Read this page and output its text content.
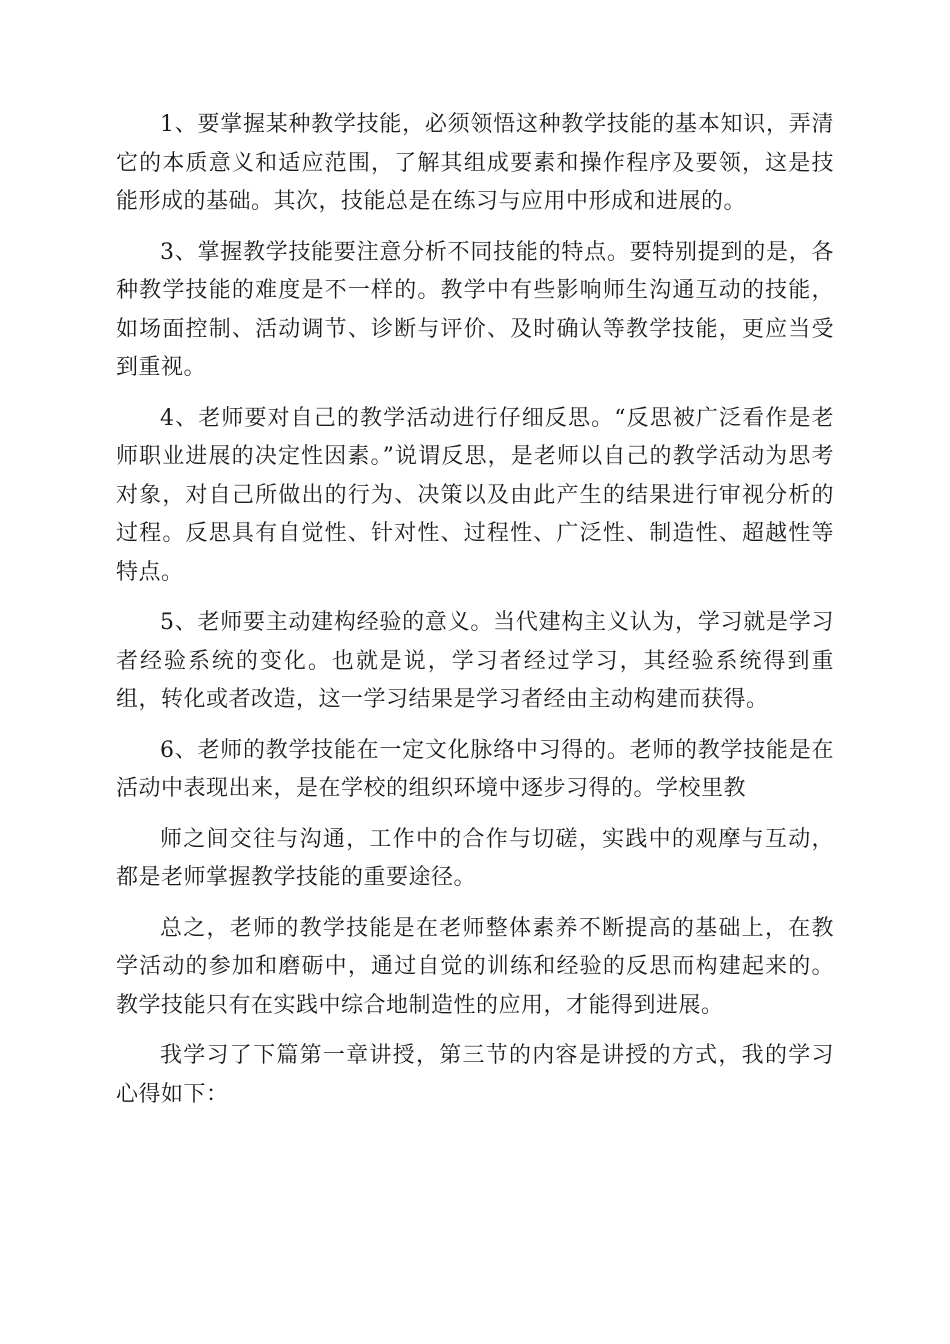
1、要掌握某种教学技能，必须领悟这种教学技能的基本知识，弄清它的本质意义和适应范围，了解其组成要素和操作程序及要领，这是技能形成的基础。其次，技能总是在练习与应用中形成和进展的。

3、掌握教学技能要注意分析不同技能的特点。要特别提到的是，各种教学技能的难度是不一样的。教学中有些影响师生沟通互动的技能，如场面控制、活动调节、诊断与评价、及时确认等教学技能，更应当受到重视。

4、老师要对自己的教学活动进行仔细反思。“反思被广泛看作是老师职业进展的决定性因素。”说谓反思，是老师以自己的教学活动为思考对象，对自己所做出的行为、决策以及由此产生的结果进行审视分析的过程。反思具有自觉性、针对性、过程性、广泛性、制造性、超越性等特点。

5、老师要主动建构经验的意义。当代建构主义认为，学习就是学习者经验系统的变化。也就是说，学习者经过学习，其经验系统得到重组，转化或者改造，这一学习结果是学习者经由主动构建而获得。

6、老师的教学技能在一定文化脉络中习得的。老师的教学技能是在活动中表现出来，是在学校的组织环境中逐步习得的。学校里教

师之间交往与沟通，工作中的合作与切磋，实践中的观摩与互动，都是老师掌握教学技能的重要途径。

总之，老师的教学技能是在老师整体素养不断提高的基础上，在教学活动的参加和磨砺中，通过自觉的训练和经验的反思而构建起来的。教学技能只有在实践中综合地制造性的应用，才能得到进展。

我学习了下篇第一章讲授，第三节的内容是讲授的方式，我的学习心得如下：
